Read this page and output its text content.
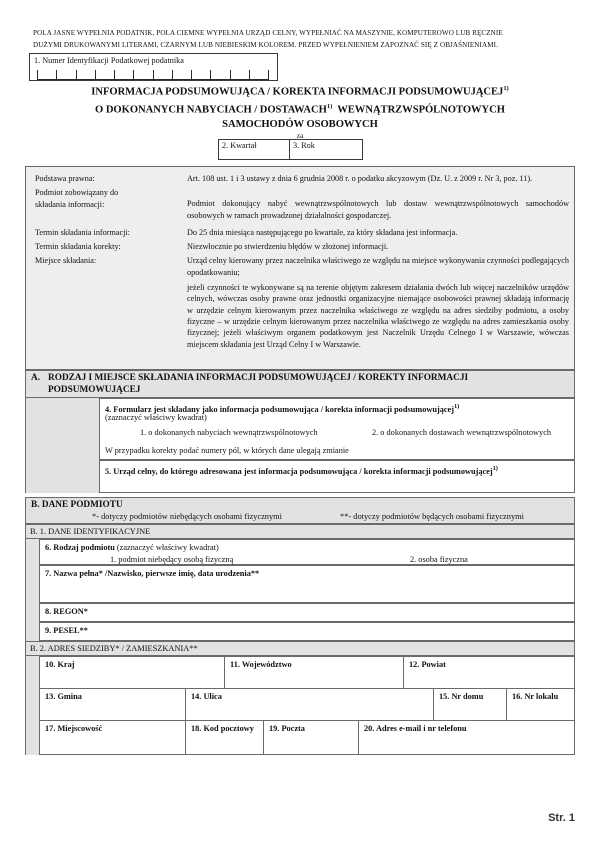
POLA JASNE WYPEŁNIA PODATNIK, POLA CIEMNE WYPEŁNIA URZĄD CELNY, WYPEŁNIAĆ NA MASZYNIE, KOMPUTEROWO LUB RĘCZNIE
DUŻYMI DRUKOWANYMI LITERAMI, CZARNYM LUB NIEBIESKIM KOLOREM. PRZED WYPEŁNIENIEM ZAPOZNAĆ SIĘ Z OBJAŚNIENIAMI.
1. Numer Identyfikacji Podatkowej podatnika
INFORMACJA PODSUMOWUJĄCA / KOREKTA INFORMACJI PODSUMOWUJĄCEJ$^{1)}$
O DOKONANYCH NABYCIACH / DOSTAWACH$^{1)}$ WEWNĄTRZWSPÓLNOTOWYCH
SAMOCHODÓW OSOBOWYCH
za
2. Kwartał	3. Rok
Podstawa prawna:	Art. 108 ust. 1 i 3 ustawy z dnia 6 grudnia 2008 r. o podatku akcyzowym (Dz. U. z 2009 r. Nr 3, poz. 11).
Podmiot zobowiązany do
składania informacji:	Podmiot dokonujący nabyć wewnątrzwspólnotowych lub dostaw wewnątrzwspólnotowych samochodów osobowych w ramach prowadzonej działalności gospodarczej.
Termin składania informacji:	Do 25 dnia miesiąca następującego po kwartale, za który składana jest informacja.
Termin składania korekty:	Niezwłocznie po stwierdzeniu błędów w złożonej informacji.
Miejsce składania:	Urząd celny kierowany przez naczelnika właściwego ze względu na miejsce wykonywania czynności podlegających opodatkowaniu;
jeżeli czynności te wykonywane są na terenie objętym zakresem działania dwóch lub więcej naczelników urzędów celnych, wówczas osoby prawne oraz jednostki organizacyjne niemające osobowości prawnej składają informację w urzędzie celnym kierowanym przez naczelnika właściwego ze względu na adres siedziby podmiotu, a osoby fizyczne – w urzędzie celnym kierowanym przez naczelnika właściwego ze względu na adres zamieszkania osoby fizycznej; jeżeli właściwym organem podatkowym jest Naczelnik Urzędu Celnego I w Warszawie, wówczas miejscem składania jest Urząd Celny I w Warszawie.
A. RODZAJ I MIEJSCE SKŁADANIA INFORMACJI PODSUMOWUJĄCEJ / KOREKTY INFORMACJI
PODSUMOWUJĄCEJ
4. Formularz jest składany jako informacja podsumowująca / korekta informacji podsumowującej$^{1)}$
(zaznaczyć właściwy kwadrat)
1. o dokonanych nabyciach wewnątrzwspólnotowych	2. o dokonanych dostawach wewnątrzwspólnotowych
W przypadku korekty podać numery pól, w których dane ulegają zmianie
5. Urząd celny, do którego adresowana jest informacja podsumowująca / korekta informacji podsumowującej$^{1)}$
B. DANE PODMIOTU
*- dotyczy podmiotów niebędących osobami fizycznymi	**- dotyczy podmiotów będących osobami fizycznymi
B. 1. DANE IDENTYFIKACYJNE
6. Rodzaj podmiotu (zaznaczyć właściwy kwadrat)
1. podmiot niebędący osobą fizyczną	2. osoba fizyczna
7. Nazwa pełna* /Nazwisko, pierwsze imię, data urodzenia**
8. REGON*
9. PESEL**
B. 2. ADRES SIEDZIBY* / ZAMIESZKANIA**
10. Kraj	11. Województwo	12. Powiat
13. Gmina	14. Ulica	15. Nr domu	16. Nr lokalu
17. Miejscowość	18. Kod pocztowy 19. Poczta	20. Adres e-mail i nr telefonu
Str. 1
